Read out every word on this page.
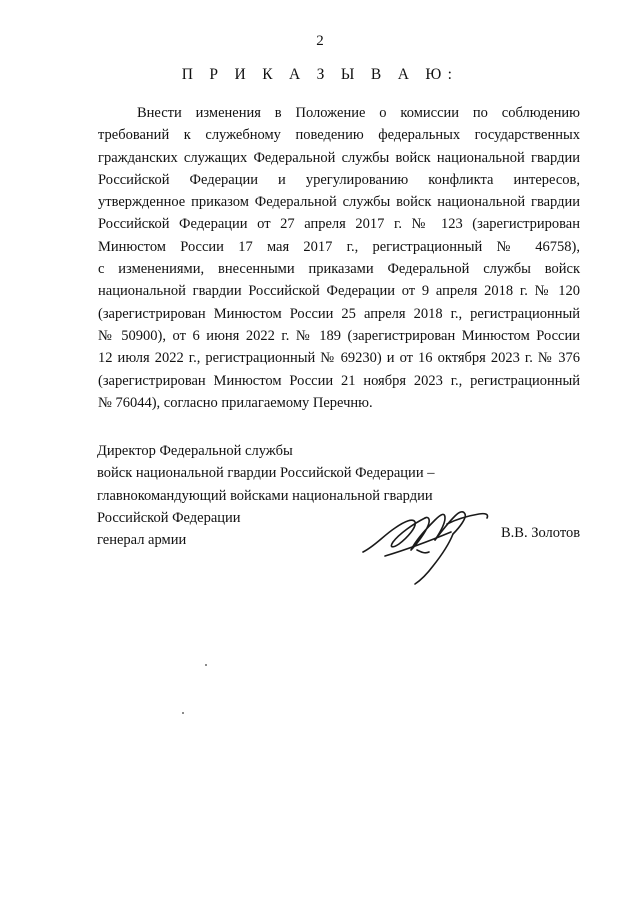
2
П Р И К А З Ы В А Ю:
Внести изменения в Положение о комиссии по соблюдению
требований к служебному поведению федеральных государственных
гражданских служащих Федеральной службы войск национальной гвардии
Российской Федерации и урегулированию конфликта интересов,
утвержденное приказом Федеральной службы войск национальной гвардии
Российской Федерации от 27 апреля 2017 г. № 123 (зарегистрирован
Минюстом России 17 мая 2017 г., регистрационный № 46758),
с изменениями, внесенными приказами Федеральной службы войск
национальной гвардии Российской Федерации от 9 апреля 2018 г. № 120
(зарегистрирован Минюстом России 25 апреля 2018 г., регистрационный
№ 50900), от 6 июня 2022 г. № 189 (зарегистрирован Минюстом России
12 июля 2022 г., регистрационный № 69230) и от 16 октября 2023 г. № 376
(зарегистрирован Минюстом России 21 ноября 2023 г., регистрационный
№ 76044), согласно прилагаемому Перечню.
Директор Федеральной службы
войск национальной гвардии Российской Федерации –
главнокомандующий войсками национальной гвардии
Российской Федерации
генерал армии	В.В. Золотов
